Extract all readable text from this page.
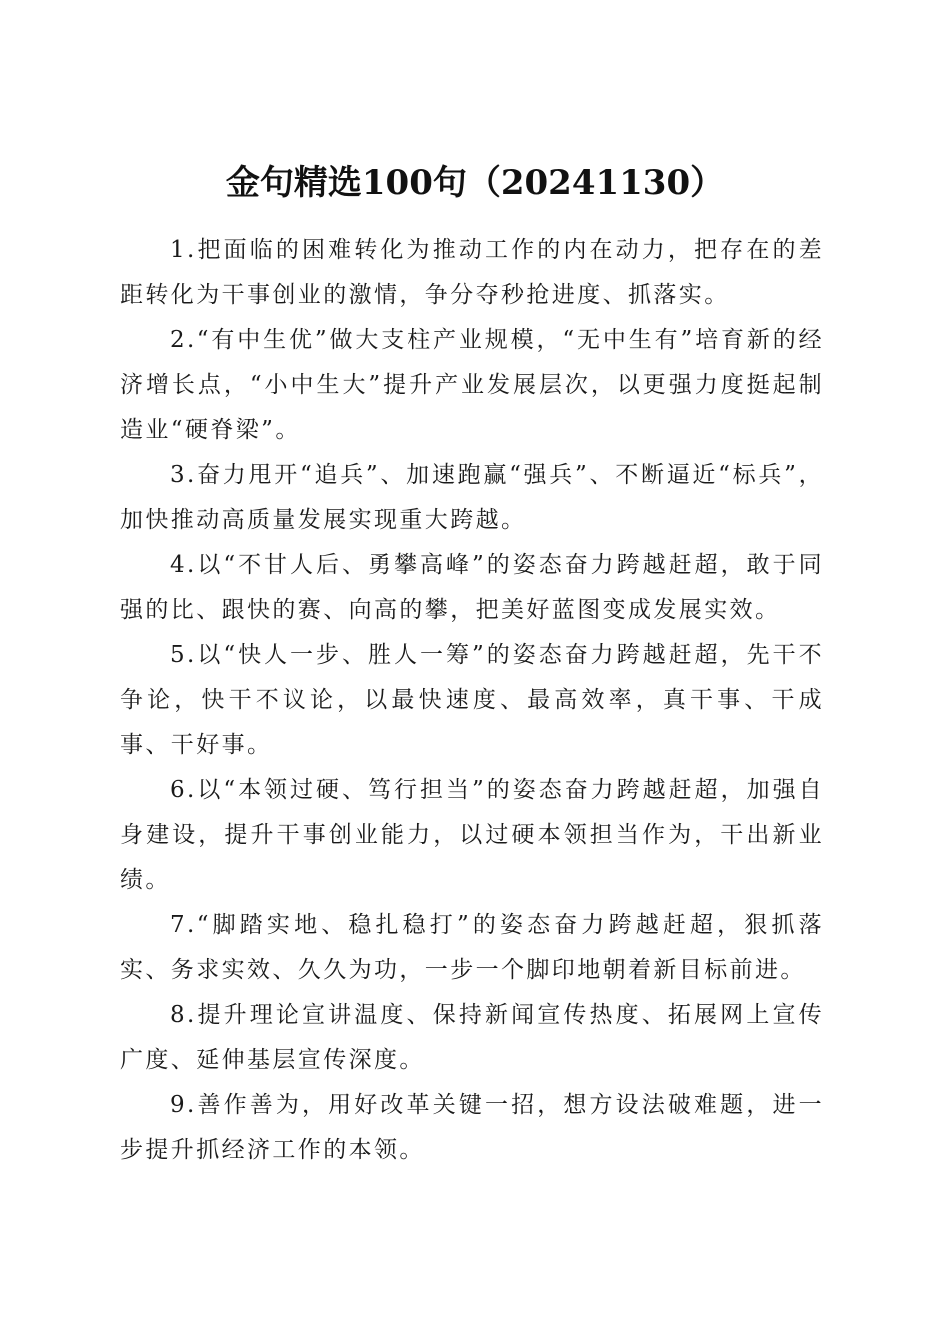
金句精选100句（20241130）

1.把面临的困难转化为推动工作的内在动力，把存在的差距转化为干事创业的激情，争分夺秒抢进度、抓落实。

2.“有中生优”做大支柱产业规模，“无中生有”培育新的经济增长点，“小中生大”提升产业发展层次，以更强力度挺起制造业“硬脊梁”。

3.奋力甩开“追兵”、加速跑赢“强兵”、不断逼近“标兵”，加快推动高质量发展实现重大跨越。

4.以“不甘人后、勇攀高峰”的姿态奋力跨越赶超，敢于同强的比、跟快的赛、向高的攀，把美好蓝图变成发展实效。

5.以“快人一步、胜人一筹”的姿态奋力跨越赶超，先干不争论，快干不议论，以最快速度、最高效率，真干事、干成事、干好事。

6.以“本领过硬、笃行担当”的姿态奋力跨越赶超，加强自身建设，提升干事创业能力，以过硬本领担当作为，干出新业绩。

7.“脚踏实地、稳扎稳打”的姿态奋力跨越赶超，狠抓落实、务求实效、久久为功，一步一个脚印地朝着新目标前进。

8.提升理论宣讲温度、保持新闻宣传热度、拓展网上宣传广度、延伸基层宣传深度。

9.善作善为，用好改革关键一招，想方设法破难题，进一步提升抓经济工作的本领。
